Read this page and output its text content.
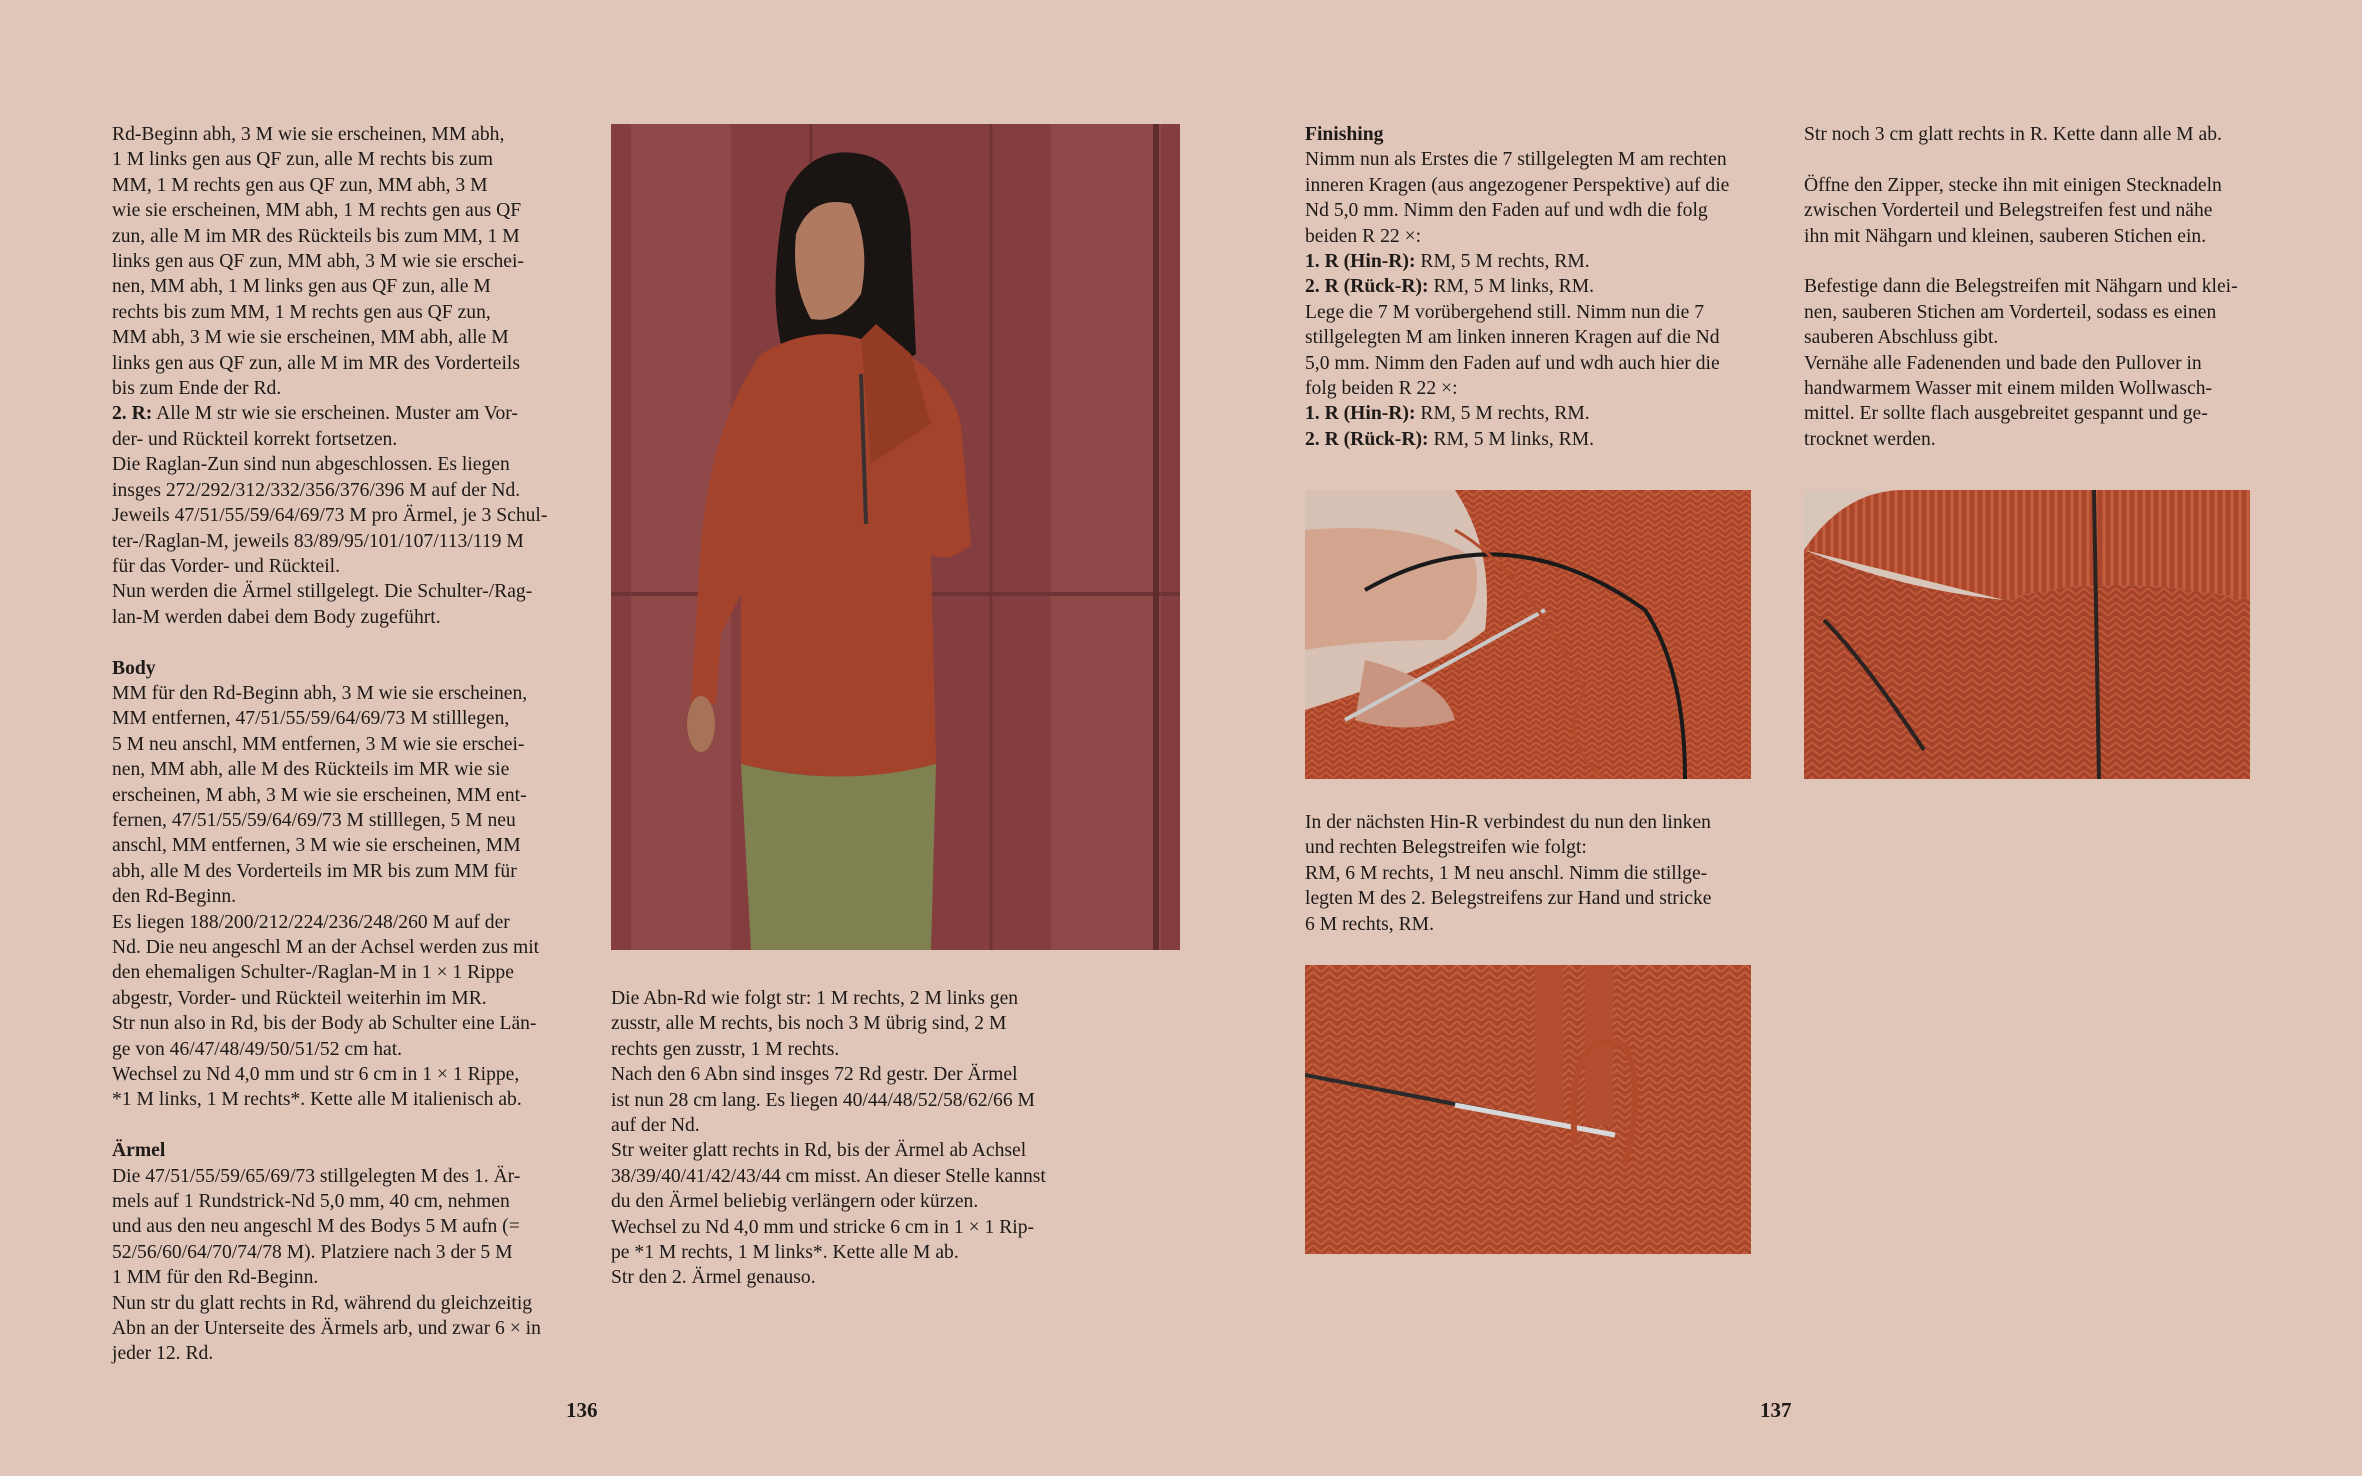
Rd-Beginn abh, 3 M wie sie erscheinen, MM abh,
1 M links gen aus QF zun, alle M rechts bis zum
MM, 1 M rechts gen aus QF zun, MM abh, 3 M
wie sie erscheinen, MM abh, 1 M rechts gen aus QF
zun, alle M im MR des Rückteils bis zum MM, 1 M
links gen aus QF zun, MM abh, 3 M wie sie erschei-
nen, MM abh, 1 M links gen aus QF zun, alle M
rechts bis zum MM, 1 M rechts gen aus QF zun,
MM abh, 3 M wie sie erscheinen, MM abh, alle M
links gen aus QF zun, alle M im MR des Vorderteils
bis zum Ende der Rd.

2. R: Alle M str wie sie erscheinen. Muster am Vor-
der- und Rückteil korrekt fortsetzen.
Die Raglan-Zun sind nun abgeschlossen. Es liegen
insges 272/292/312/332/356/376/396 M auf der Nd.
Jeweils 47/51/55/59/64/69/73 M pro Ärmel, je 3 Schul-
ter-/Raglan-M, jeweils 83/89/95/101/107/113/119 M
für das Vorder- und Rückteil.
Nun werden die Ärmel stillgelegt. Die Schulter-/Rag-
lan-M werden dabei dem Body zugeführt.

Body

MM für den Rd-Beginn abh, 3 M wie sie erscheinen,
MM entfernen, 47/51/55/59/64/69/73 M stilllegen,
5 M neu anschl, MM entfernen, 3 M wie sie erschei-
nen, MM abh, alle M des Rückteils im MR wie sie
erscheinen, M abh, 3 M wie sie erscheinen, MM ent-
fernen, 47/51/55/59/64/69/73 M stilllegen, 5 M neu
anschl, MM entfernen, 3 M wie sie erscheinen, MM
abh, alle M des Vorderteils im MR bis zum MM für
den Rd-Beginn.
Es liegen 188/200/212/224/236/248/260 M auf der
Nd. Die neu angeschl M an der Achsel werden zus mit
den ehemaligen Schulter-/Raglan-M in 1 × 1 Rippe
abgestr, Vorder- und Rückteil weiterhin im MR.
Str nun also in Rd, bis der Body ab Schulter eine Län-
ge von 46/47/48/49/50/51/52 cm hat.
Wechsel zu Nd 4,0 mm und str 6 cm in 1 × 1 Rippe,
*1 M links, 1 M rechts*. Kette alle M italienisch ab.

Ärmel

Die 47/51/55/59/65/69/73 stillgelegten M des 1. Är-
mels auf 1 Rundstrick-Nd 5,0 mm, 40 cm, nehmen
und aus den neu angeschl M des Bodys 5 M aufn (=
52/56/60/64/70/74/78 M). Platziere nach 3 der 5 M
1 MM für den Rd-Beginn.
Nun str du glatt rechts in Rd, während du gleichzeitig
Abn an der Unterseite des Ärmels arb, und zwar 6 × in
jeder 12. Rd.

Die Abn-Rd wie folgt str: 1 M rechts, 2 M links gen
zusstr, alle M rechts, bis noch 3 M übrig sind, 2 M
rechts gen zusstr, 1 M rechts.
Nach den 6 Abn sind insges 72 Rd gestr. Der Ärmel
ist nun 28 cm lang. Es liegen 40/44/48/52/58/62/66 M
auf der Nd.
Str weiter glatt rechts in Rd, bis der Ärmel ab Achsel
38/39/40/41/42/43/44 cm misst. An dieser Stelle kannst
du den Ärmel beliebig verlängern oder kürzen.
Wechsel zu Nd 4,0 mm und stricke 6 cm in 1 × 1 Rip-
pe *1 M rechts, 1 M links*. Kette alle M ab.
Str den 2. Ärmel genauso.

136
Finishing

Nimm nun als Erstes die 7 stillgelegten M am rechten
inneren Kragen (aus angezogener Perspektive) auf die
Nd 5,0 mm. Nimm den Faden auf und wdh die folg
beiden R 22 ×:

1. R (Hin-R): RM, 5 M rechts, RM.

2. R (Rück-R): RM, 5 M links, RM.

Lege die 7 M vorübergehend still. Nimm nun die 7
stillgelegten M am linken inneren Kragen auf die Nd
5,0 mm. Nimm den Faden auf und wdh auch hier die
folg beiden R 22 ×:

1. R (Hin-R): RM, 5 M rechts, RM.

2. R (Rück-R): RM, 5 M links, RM.

In der nächsten Hin-R verbindest du nun den linken
und rechten Belegstreifen wie folgt:
RM, 6 M rechts, 1 M neu anschl. Nimm die stillge-
legten M des 2. Belegstreifens zur Hand und stricke
6 M rechts, RM.

Str noch 3 cm glatt rechts in R. Kette dann alle M ab.

Öffne den Zipper, stecke ihn mit einigen Stecknadeln
zwischen Vorderteil und Belegstreifen fest und nähe
ihn mit Nähgarn und kleinen, sauberen Stichen ein.

Befestige dann die Belegstreifen mit Nähgarn und klei-
nen, sauberen Stichen am Vorderteil, sodass es einen
sauberen Abschluss gibt.
Vernähe alle Fadenenden und bade den Pullover in
handwarmem Wasser mit einem milden Wollwasch-
mittel. Er sollte flach ausgebreitet gespannt und ge-
trocknet werden.

137
